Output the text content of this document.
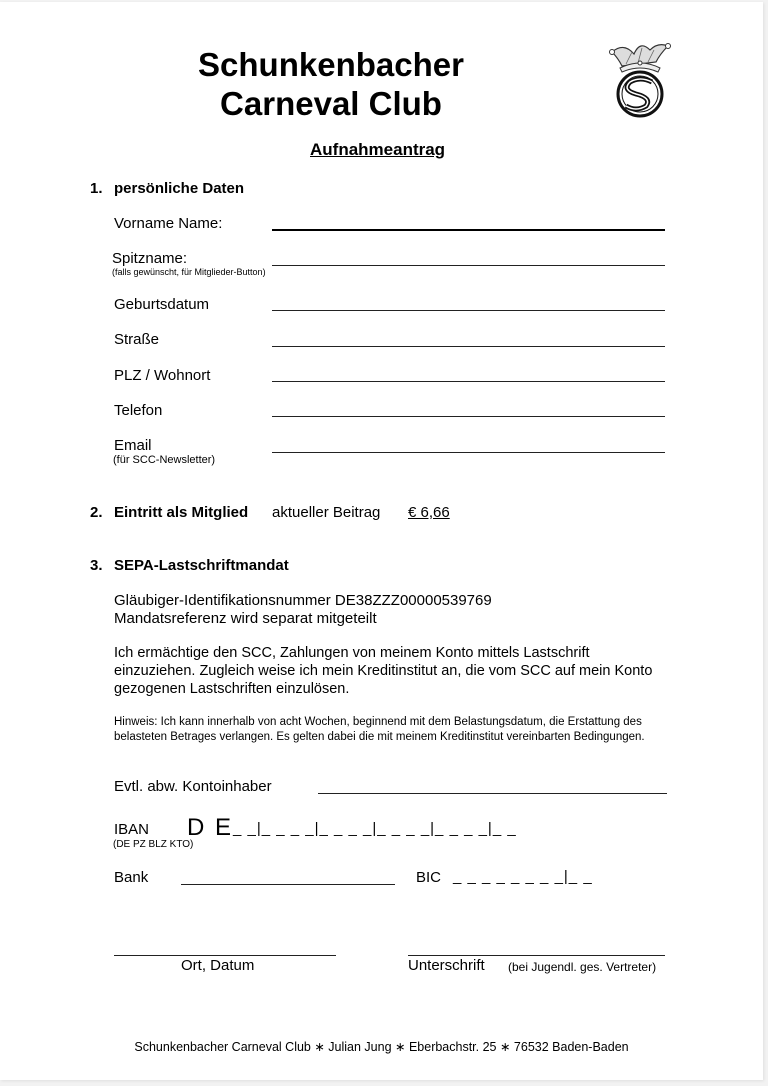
Schunkenbacher
Carneval Club
Aufnahmeantrag
1. persönliche Daten
Vorname Name:
Spitzname:
(falls gewünscht, für Mitglieder-Button)
Geburtsdatum
Straße
PLZ / Wohnort
Telefon
Email
(für SCC-Newsletter)
2. Eintritt als Mitglied aktueller Beitrag € 6,66
3. SEPA-Lastschriftmandat
Gläubiger-Identifikationsnummer DE38ZZZ00000539769
Mandatsreferenz wird separat mitgeteilt
Ich ermächtige den SCC, Zahlungen von meinem Konto mittels Lastschrift einzuziehen. Zugleich weise ich mein Kreditinstitut an, die vom SCC auf mein Konto gezogenen Lastschriften einzulösen.
Hinweis: Ich kann innerhalb von acht Wochen, beginnend mit dem Belastungsdatum, die Erstattung des belasteten Betrages verlangen. Es gelten dabei die mit meinem Kreditinstitut vereinbarten Bedingungen.
Evtl. abw. Kontoinhaber
IBAN
(DE PZ BLZ KTO)
D E _ _|_ _ _ _|_ _ _ _|_ _ _ _|_ _ _ _|_ _
Bank	BIC _ _ _ _ _ _ _ _|_ _
Ort, Datum	Unterschrift (bei Jugendl. ges. Vertreter)
Schunkenbacher Carneval Club ∗ Julian Jung ∗ Eberbachstr. 25 ∗ 76532 Baden-Baden
